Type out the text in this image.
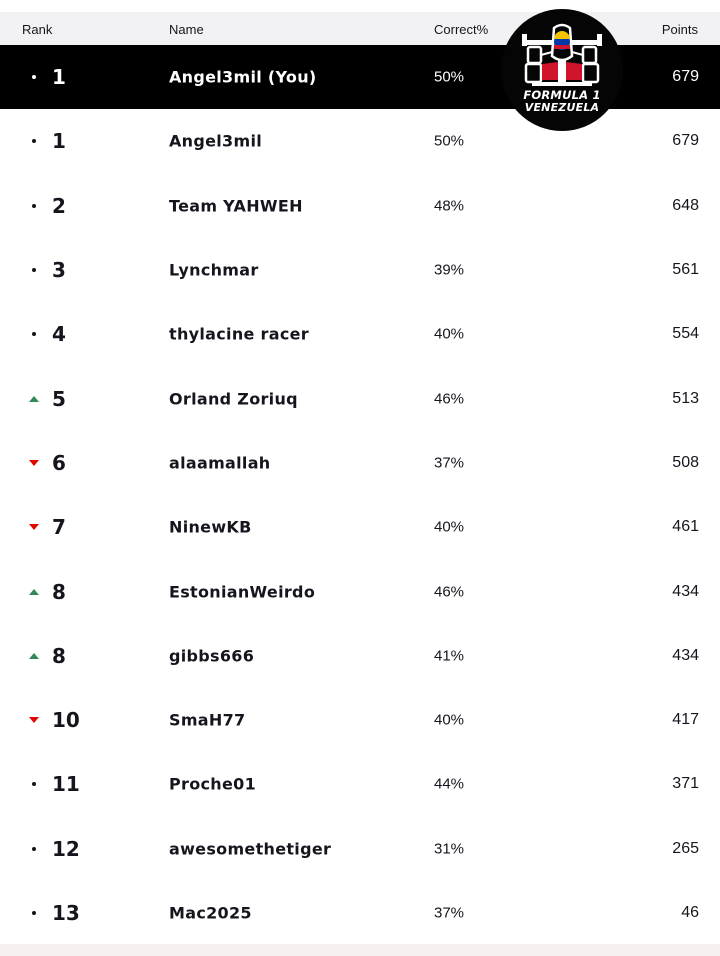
Rank	Name	Correct%	Points
1	Angel3mil (You)	50%	679
1	Angel3mil	50%	679
2	Team YAHWEH	48%	648
3	Lynchmar	39%	561
4	thylacine racer	40%	554
5	Orland Zoriuq	46%	513
6	alaamallah	37%	508
7	NinewKB	40%	461
8	EstonianWeirdo	46%	434
8	gibbs666	41%	434
10	SmaH77	40%	417
11	Proche01	44%	371
12	awesomethetiger	31%	265
13	Mac2025	37%	46
FORMULA 1
VENEZUELA
